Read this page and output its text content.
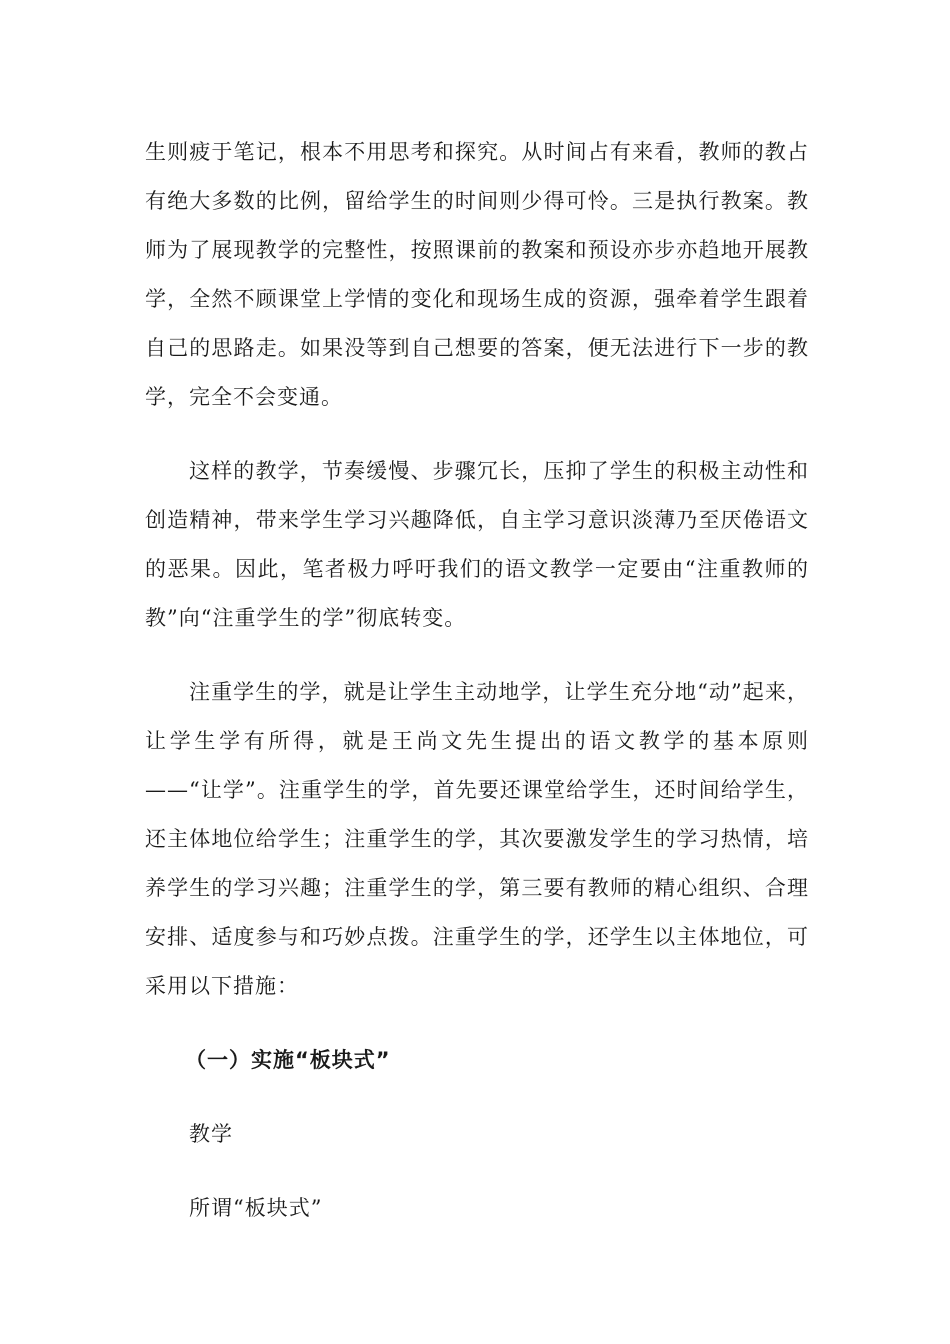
生则疲于笔记，根本不用思考和探究。从时间占有来看，教师的教占有绝大多数的比例，留给学生的时间则少得可怜。三是执行教案。教师为了展现教学的完整性，按照课前的教案和预设亦步亦趋地开展教学，全然不顾课堂上学情的变化和现场生成的资源，强牵着学生跟着自己的思路走。如果没等到自己想要的答案，便无法进行下一步的教学，完全不会变通。

这样的教学，节奏缓慢、步骤冗长，压抑了学生的积极主动性和创造精神，带来学生学习兴趣降低，自主学习意识淡薄乃至厌倦语文的恶果。因此，笔者极力呼吁我们的语文教学一定要由“注重教师的教”向“注重学生的学”彻底转变。

注重学生的学，就是让学生主动地学，让学生充分地“动”起来，让学生学有所得，就是王尚文先生提出的语文教学的基本原则——“让学”。注重学生的学，首先要还课堂给学生，还时间给学生，还主体地位给学生；注重学生的学，其次要激发学生的学习热情，培养学生的学习兴趣；注重学生的学，第三要有教师的精心组织、合理安排、适度参与和巧妙点拨。注重学生的学，还学生以主体地位，可采用以下措施：

（一）实施“板块式”

教学

所谓“板块式”
